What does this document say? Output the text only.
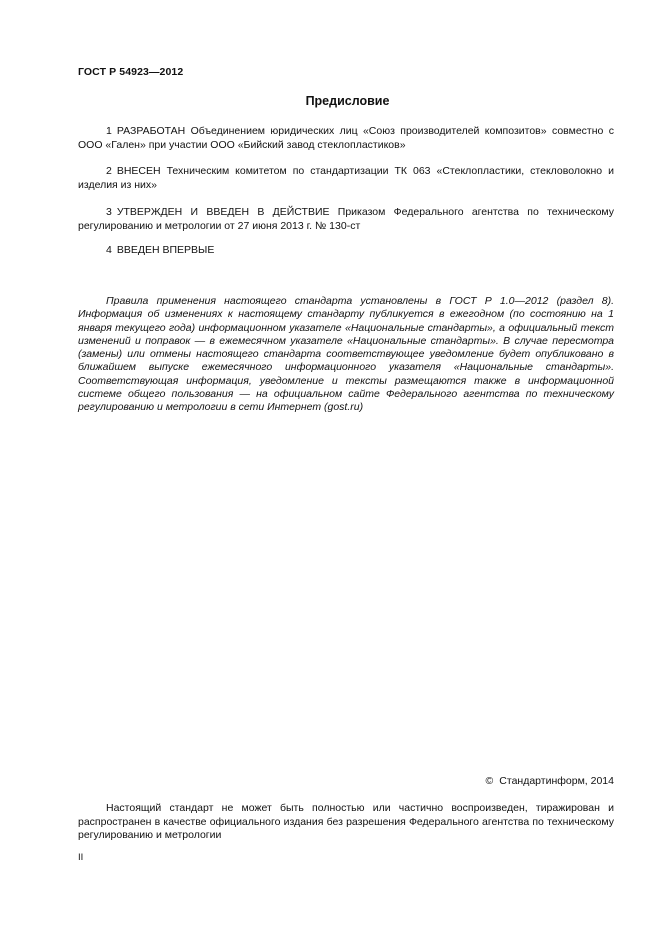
ГОСТ Р 54923—2012
Предисловие
1 РАЗРАБОТАН Объединением юридических лиц «Союз производителей композитов» совместно с ООО «Гален» при участии ООО «Бийский завод стеклопластиков»
2 ВНЕСЕН Техническим комитетом по стандартизации ТК 063 «Стеклопластики, стекловолокно и изделия из них»
3 УТВЕРЖДЕН И ВВЕДЕН В ДЕЙСТВИЕ Приказом Федерального агентства по техническому регулированию и метрологии от 27 июня 2013 г. № 130-ст
4 ВВЕДЕН ВПЕРВЫЕ
Правила применения настоящего стандарта установлены в ГОСТ Р 1.0—2012 (раздел 8). Информация об изменениях к настоящему стандарту публикуется в ежегодном (по состоянию на 1 января текущего года) информационном указателе «Национальные стандарты», а официальный текст изменений и поправок — в ежемесячном указателе «Национальные стандарты». В случае пересмотра (замены) или отмены настоящего стандарта соответствующее уведомление будет опубликовано в ближайшем выпуске ежемесячного информационного указателя «Национальные стандарты». Соответствующая информация, уведомление и тексты размещаются также в информационной системе общего пользования — на официальном сайте Федерального агентства по техническому регулированию и метрологии в сети Интернет (gost.ru)
© Стандартинформ, 2014
Настоящий стандарт не может быть полностью или частично воспроизведен, тиражирован и распространен в качестве официального издания без разрешения Федерального агентства по техническому регулированию и метрологии
II
